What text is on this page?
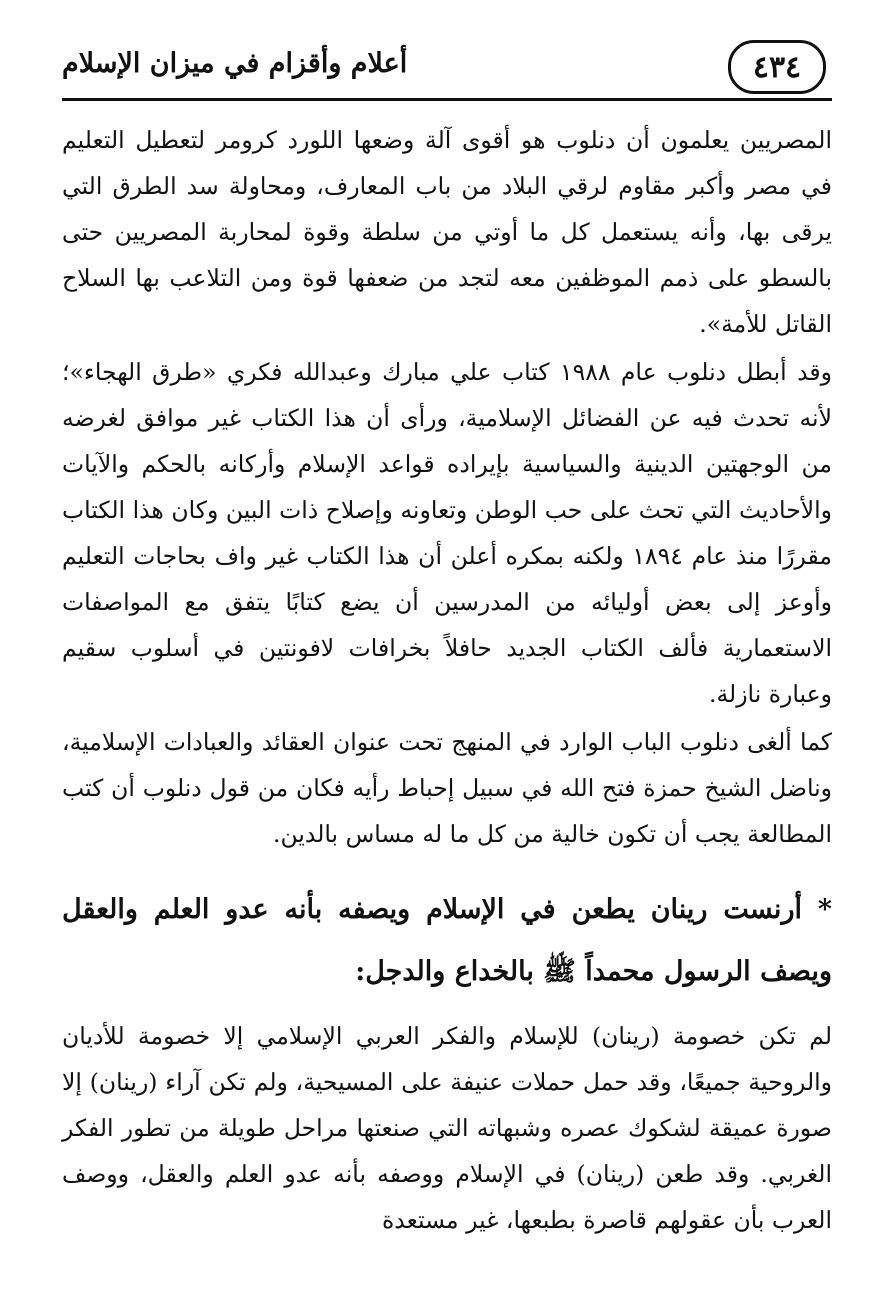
٤٣٤
أعلام وأقزام في ميزان الإسلام

المصريين يعلمون أن دنلوب هو أقوى آلة وضعها اللورد كرومر لتعطيل التعليم في مصر وأكبر مقاوم لرقي البلاد من باب المعارف، ومحاولة سد الطرق التي يرقى بها، وأنه يستعمل كل ما أوتي من سلطة وقوة لمحاربة المصريين حتى بالسطو على ذمم الموظفين معه لتجد من ضعفها قوة ومن التلاعب بها السلاح القاتل للأمة».

وقد أبطل دنلوب عام ١٩٨٨ كتاب علي مبارك وعبدالله فكري «طرق الهجاء»؛ لأنه تحدث فيه عن الفضائل الإسلامية، ورأى أن هذا الكتاب غير موافق لغرضه من الوجهتين الدينية والسياسية بإيراده قواعد الإسلام وأركانه بالحكم والآيات والأحاديث التي تحث على حب الوطن وتعاونه وإصلاح ذات البين وكان هذا الكتاب مقررًا منذ عام ١٨٩٤ ولكنه بمكره أعلن أن هذا الكتاب غير واف بحاجات التعليم وأوعز إلى بعض أوليائه من المدرسين أن يضع كتابًا يتفق مع المواصفات الاستعمارية فألف الكتاب الجديد حافلاً بخرافات لافونتين في أسلوب سقيم وعبارة نازلة.

كما ألغى دنلوب الباب الوارد في المنهج تحت عنوان العقائد والعبادات الإسلامية، وناضل الشيخ حمزة فتح الله في سبيل إحباط رأيه فكان من قول دنلوب أن كتب المطالعة يجب أن تكون خالية من كل ما له مساس بالدين.

* أرنست رينان يطعن في الإسلام ويصفه بأنه عدو العلم والعقل ويصف الرسول محمداً ﷺ بالخداع والدجل:

لم تكن خصومة (رينان) للإسلام والفكر العربي الإسلامي إلا خصومة للأديان والروحية جميعًا، وقد حمل حملات عنيفة على المسيحية، ولم تكن آراء (رينان) إلا صورة عميقة لشكوك عصره وشبهاته التي صنعتها مراحل طويلة من تطور الفكر الغربي. وقد طعن (رينان) في الإسلام ووصفه بأنه عدو العلم والعقل، ووصف العرب بأن عقولهم قاصرة بطبعها، غير مستعدة
